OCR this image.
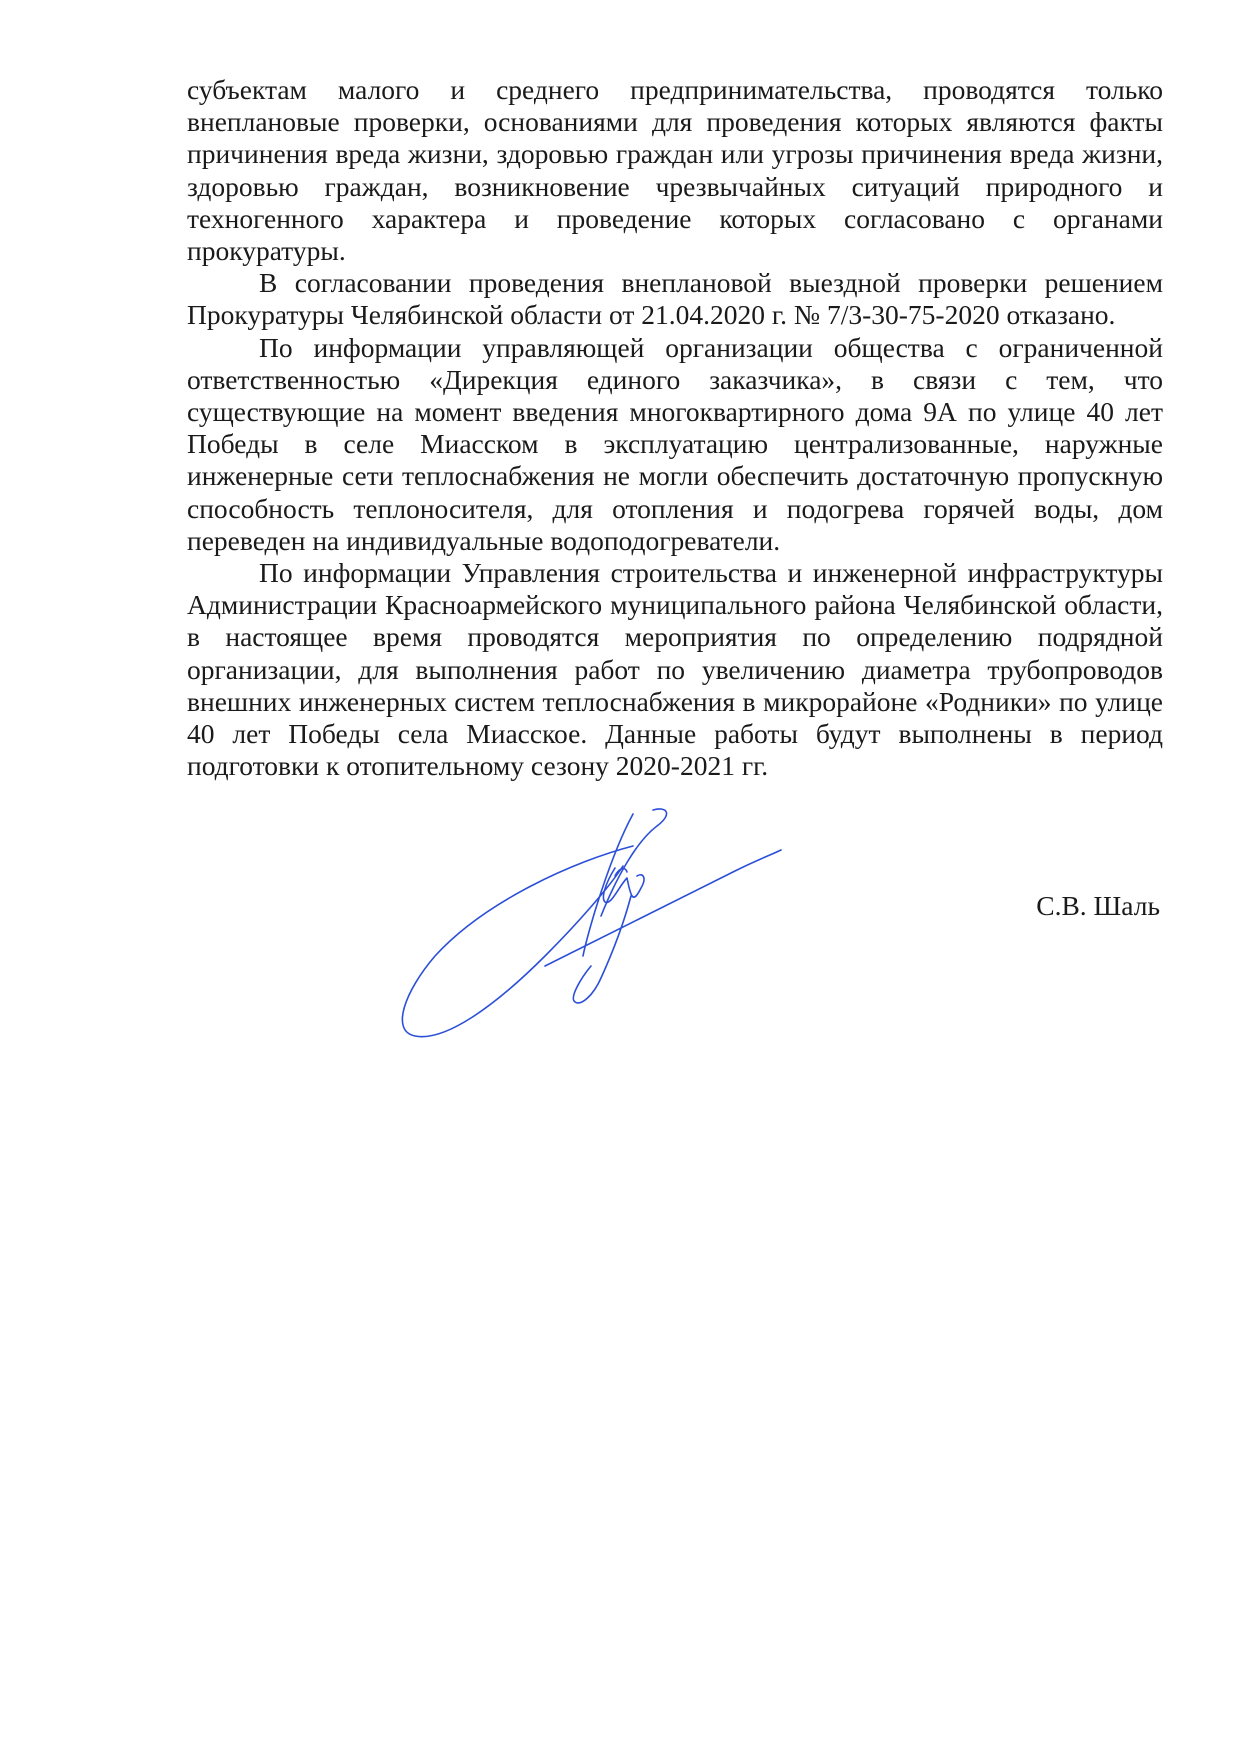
субъектам малого и среднего предпринимательства, проводятся только внеплановые проверки, основаниями для проведения которых являются факты причинения вреда жизни, здоровью граждан или угрозы причинения вреда жизни, здоровью граждан, возникновение чрезвычайных ситуаций природного и техногенного характера и проведение которых согласовано с органами прокуратуры.

В согласовании проведения внеплановой выездной проверки решением Прокуратуры Челябинской области от 21.04.2020 г. № 7/3-30-75-2020 отказано.

По информации управляющей организации общества с ограниченной ответственностью «Дирекция единого заказчика», в связи с тем, что существующие на момент введения многоквартирного дома 9А по улице 40 лет Победы в селе Миасском в эксплуатацию централизованные, наружные инженерные сети теплоснабжения не могли обеспечить достаточную пропускную способность теплоносителя, для отопления и подогрева горячей воды, дом переведен на индивидуальные водоподогреватели.

По информации Управления строительства и инженерной инфраструктуры Администрации Красноармейского муниципального района Челябинской области, в настоящее время проводятся мероприятия по определению подрядной организации, для выполнения работ по увеличению диаметра трубопроводов внешних инженерных систем теплоснабжения в микрорайоне «Родники» по улице 40 лет Победы села Миасское. Данные работы будут выполнены в период подготовки к отопительному сезону 2020-2021 гг.

С.В. Шаль
